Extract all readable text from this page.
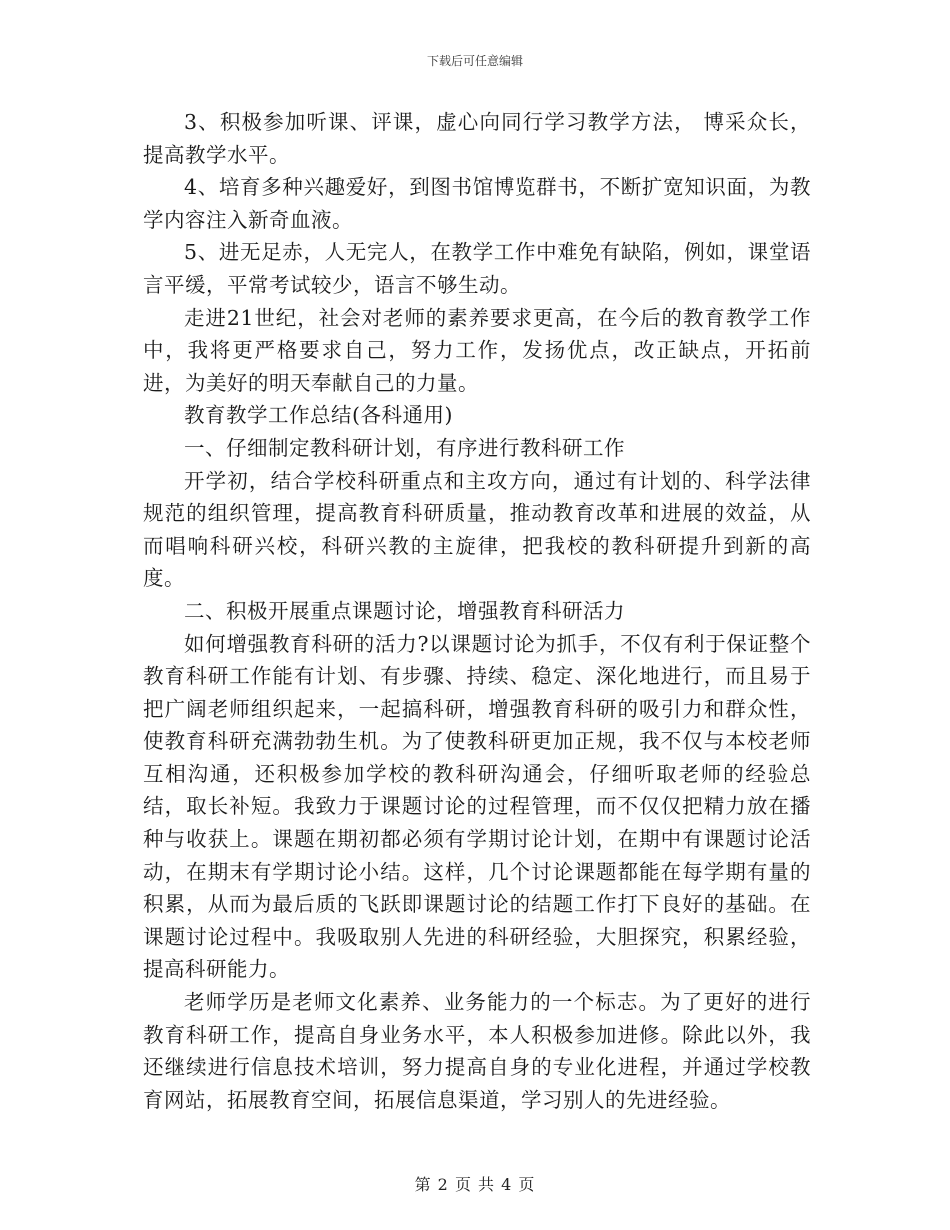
下载后可任意编辑

3、积极参加听课、评课，虚心向同行学习教学方法， 博采众长，提高教学水平。

4、培育多种兴趣爱好，到图书馆博览群书，不断扩宽知识面，为教学内容注入新奇血液。

5、进无足赤，人无完人，在教学工作中难免有缺陷，例如，课堂语言平缓，平常考试较少，语言不够生动。

走进21世纪，社会对老师的素养要求更高，在今后的教育教学工作中，我将更严格要求自己，努力工作，发扬优点，改正缺点，开拓前进，为美好的明天奉献自己的力量。

教育教学工作总结(各科通用)

一、仔细制定教科研计划，有序进行教科研工作

开学初，结合学校科研重点和主攻方向，通过有计划的、科学法律规范的组织管理，提高教育科研质量，推动教育改革和进展的效益，从而唱响科研兴校，科研兴教的主旋律，把我校的教科研提升到新的高度。

二、积极开展重点课题讨论，增强教育科研活力

如何增强教育科研的活力?以课题讨论为抓手，不仅有利于保证整个教育科研工作能有计划、有步骤、持续、稳定、深化地进行，而且易于把广阔老师组织起来，一起搞科研，增强教育科研的吸引力和群众性，使教育科研充满勃勃生机。为了使教科研更加正规，我不仅与本校老师互相沟通，还积极参加学校的教科研沟通会，仔细听取老师的经验总结，取长补短。我致力于课题讨论的过程管理，而不仅仅把精力放在播种与收获上。课题在期初都必须有学期讨论计划，在期中有课题讨论活动，在期末有学期讨论小结。这样，几个讨论课题都能在每学期有量的积累，从而为最后质的飞跃即课题讨论的结题工作打下良好的基础。在课题讨论过程中。我吸取别人先进的科研经验，大胆探究，积累经验，提高科研能力。

老师学历是老师文化素养、业务能力的一个标志。为了更好的进行教育科研工作，提高自身业务水平，本人积极参加进修。除此以外，我还继续进行信息技术培训，努力提高自身的专业化进程，并通过学校教育网站，拓展教育空间，拓展信息渠道，学习别人的先进经验。

第 2 页 共 4 页
